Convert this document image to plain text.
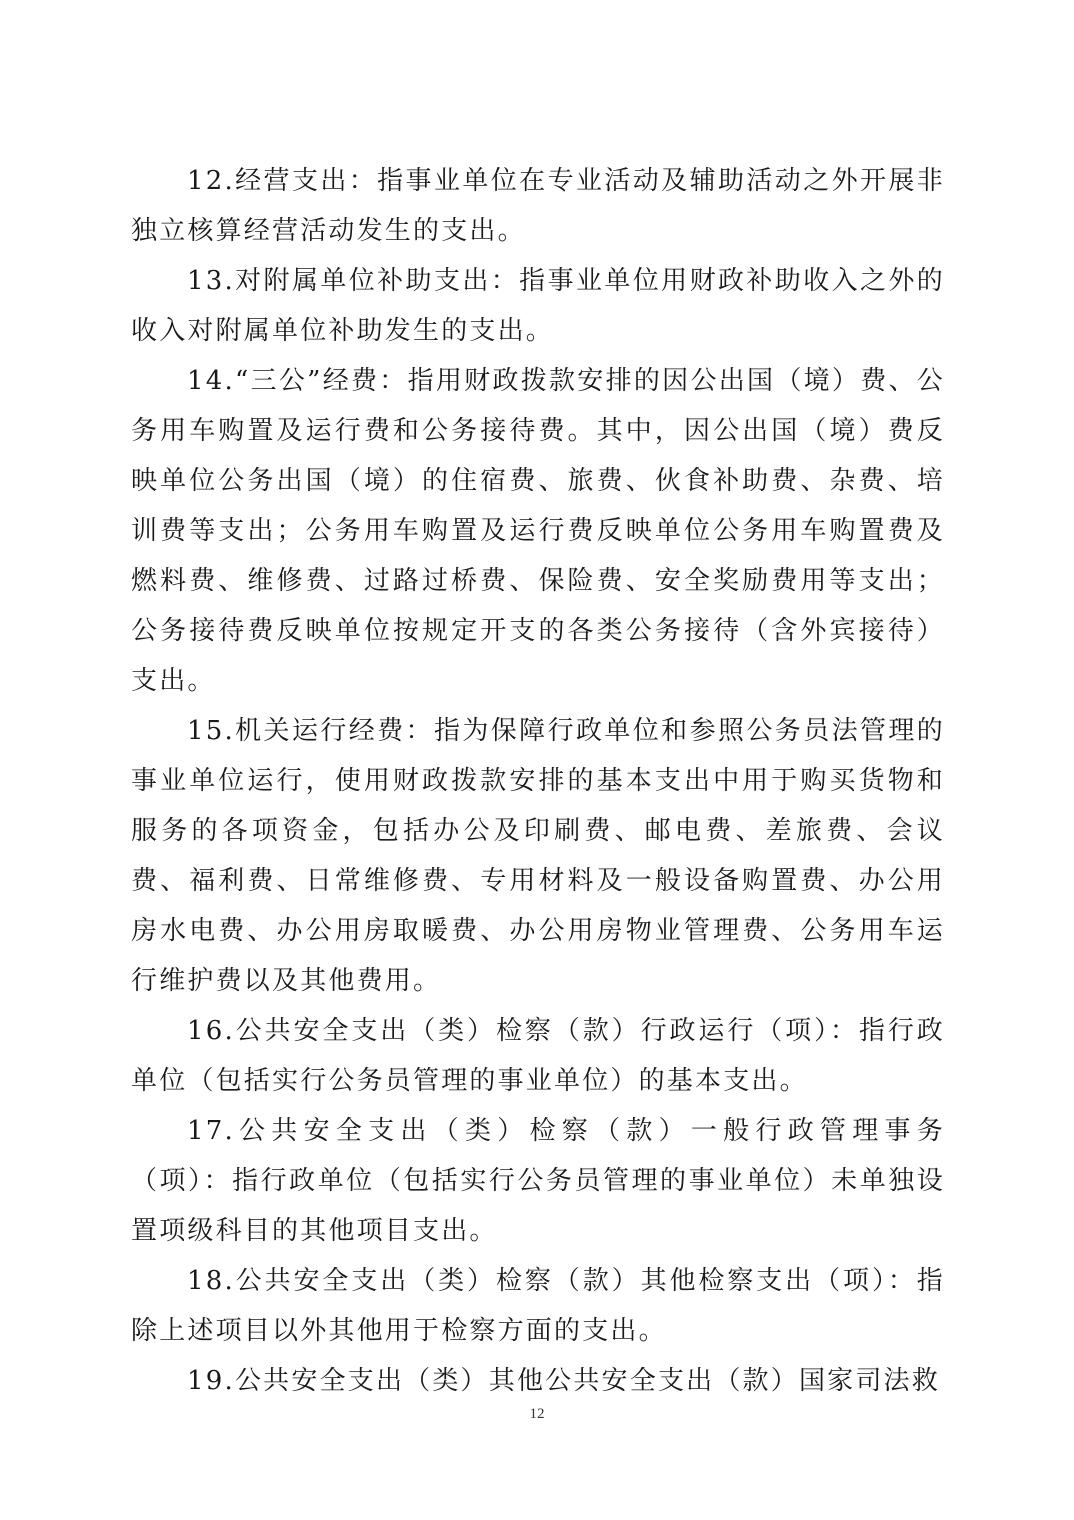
12.经营支出：指事业单位在专业活动及辅助活动之外开展非独立核算经营活动发生的支出。

13.对附属单位补助支出：指事业单位用财政补助收入之外的收入对附属单位补助发生的支出。

14.“三公”经费：指用财政拨款安排的因公出国（境）费、公务用车购置及运行费和公务接待费。其中，因公出国（境）费反映单位公务出国（境）的住宿费、旅费、伙食补助费、杂费、培训费等支出；公务用车购置及运行费反映单位公务用车购置费及燃料费、维修费、过路过桥费、保险费、安全奖励费用等支出；公务接待费反映单位按规定开支的各类公务接待（含外宾接待）支出。

15.机关运行经费：指为保障行政单位和参照公务员法管理的事业单位运行，使用财政拨款安排的基本支出中用于购买货物和服务的各项资金，包括办公及印刷费、邮电费、差旅费、会议费、福利费、日常维修费、专用材料及一般设备购置费、办公用房水电费、办公用房取暖费、办公用房物业管理费、公务用车运行维护费以及其他费用。

16.公共安全支出（类）检察（款）行政运行（项）：指行政单位（包括实行公务员管理的事业单位）的基本支出。

17.公共安全支出（类）检察（款）一般行政管理事务（项）：指行政单位（包括实行公务员管理的事业单位）未单独设置项级科目的其他项目支出。

18.公共安全支出（类）检察（款）其他检察支出（项）：指除上述项目以外其他用于检察方面的支出。

19.公共安全支出（类）其他公共安全支出（款）国家司法救

12
